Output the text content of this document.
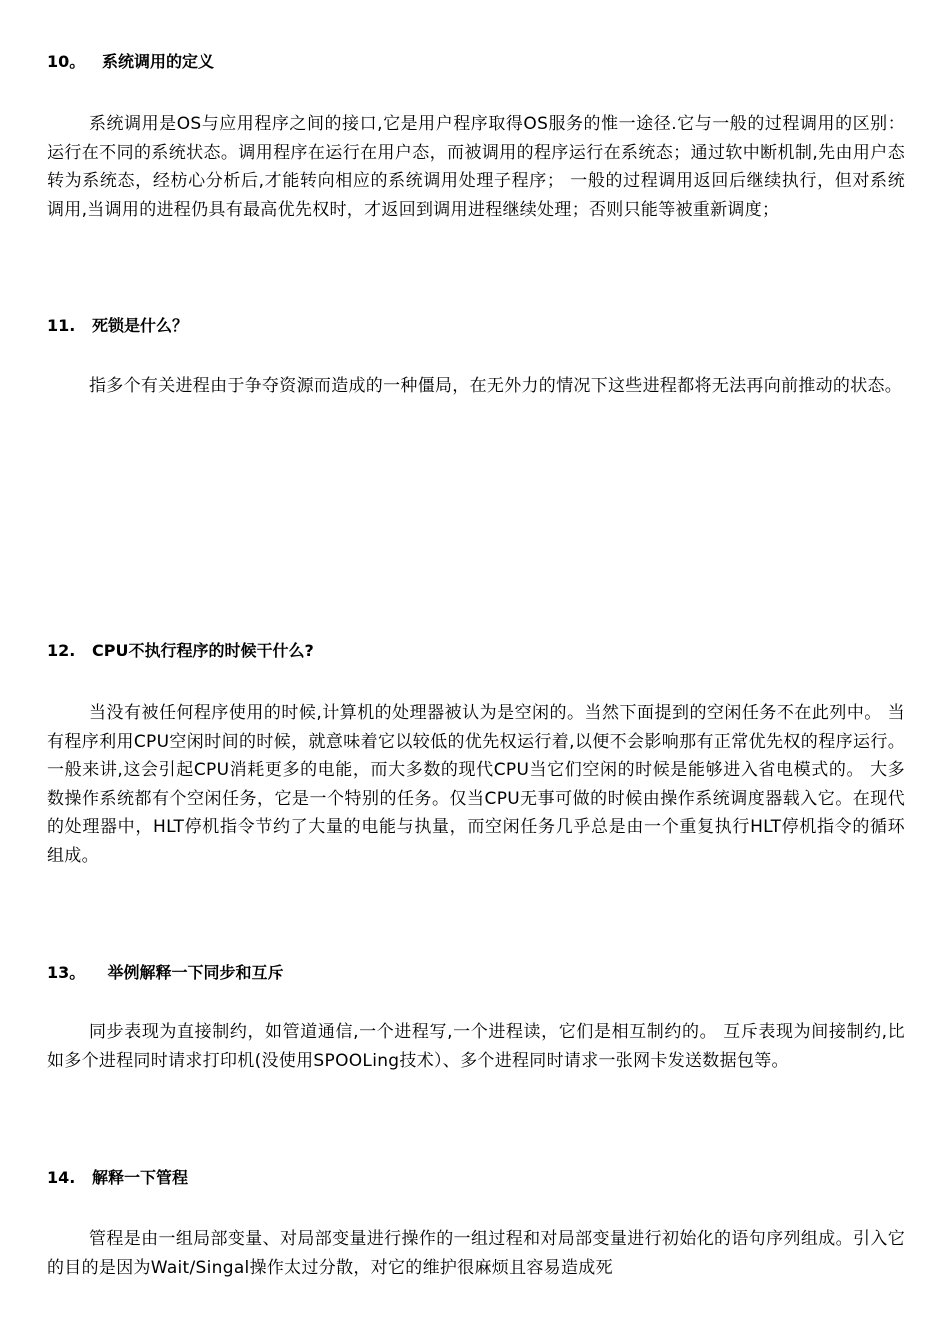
10。   系统调用的定义
系统调用是OS与应用程序之间的接口,它是用户程序取得OS服务的惟一途径.它与一般的过程调用的区别：运行在不同的系统状态。调用程序在运行在用户态，而被调用的程序运行在系统态；通过软中断机制,先由用户态转为系统态，经枋心分析后,才能转向相应的系统调用处理子程序； 一般的过程调用返回后继续执行，但对系统调用,当调用的进程仍具有最高优先权时，才返回到调用进程继续处理；否则只能等被重新调度；
11.   死锁是什么？
指多个有关进程由于争夺资源而造成的一种僵局，在无外力的情况下这些进程都将无法再向前推动的状态。
12.   CPU不执行程序的时候干什么?
当没有被任何程序使用的时候,计算机的处理器被认为是空闲的。当然下面提到的空闲任务不在此列中。 当有程序利用CPU空闲时间的时候，就意味着它以较低的优先权运行着,以便不会影响那有正常优先权的程序运行。一般来讲,这会引起CPU消耗更多的电能，而大多数的现代CPU当它们空闲的时候是能够进入省电模式的。 大多数操作系统都有个空闲任务，它是一个特别的任务。仅当CPU无事可做的时候由操作系统调度器载入它。在现代的处理器中，HLT停机指令节约了大量的电能与执量，而空闲任务几乎总是由一个重复执行HLT停机指令的循环组成。
13。    举例解释一下同步和互斥
同步表现为直接制约，如管道通信,一个进程写,一个进程读，它们是相互制约的。 互斥表现为间接制约,比如多个进程同时请求打印机(没使用SPOOLing技术）、多个进程同时请求一张网卡发送数据包等。
14.   解释一下管程
管程是由一组局部变量、对局部变量进行操作的一组过程和对局部变量进行初始化的语句序列组成。引入它的目的是因为Wait/Singal操作太过分散，对它的维护很麻烦且容易造成死
